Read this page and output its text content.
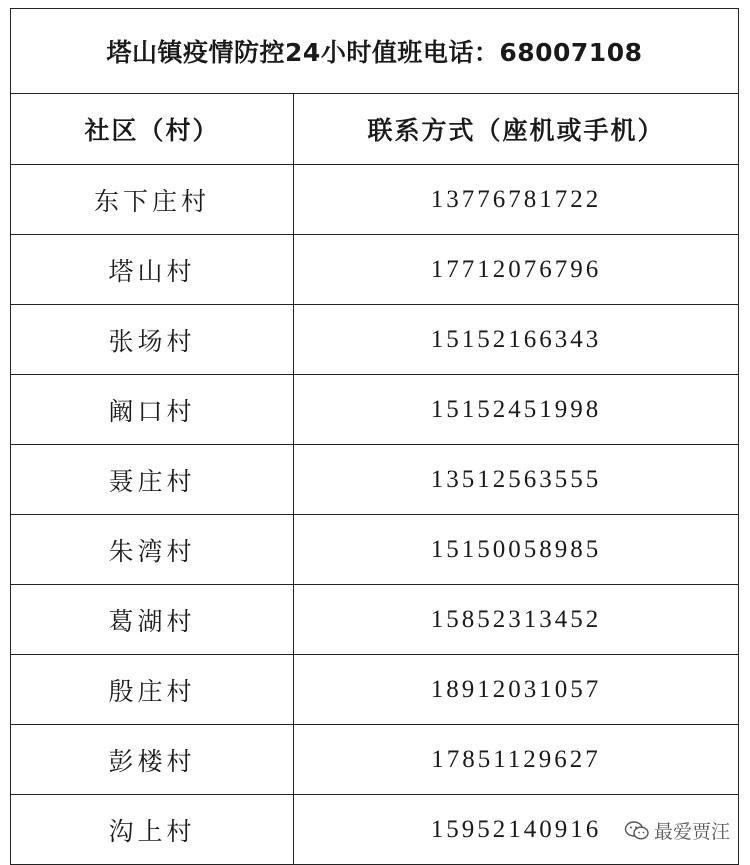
塔山镇疫情防控24小时值班电话：68007108	
社区（村）	联系方式（座机或手机）
东下庄村	13776781722
塔山村	17712076796
张场村	15152166343
阚口村	15152451998
聂庄村	13512563555
朱湾村	15150058985
葛湖村	15852313452
殷庄村	18912031057
彭楼村	17851129627
沟上村	15952140916	最爱贾汪
